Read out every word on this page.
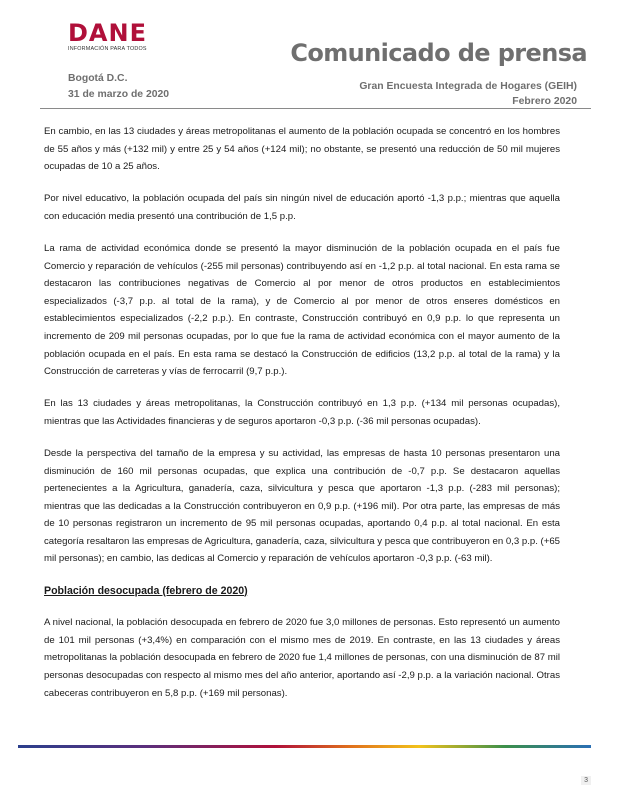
DANE
INFORMACIÓN PARA TODOS	Comunicado de prensa
Bogotá D.C.
31 de marzo de 2020
Gran Encuesta Integrada de Hogares (GEIH)
Febrero 2020

En cambio, en las 13 ciudades y áreas metropolitanas el aumento de la población ocupada se concentró en los hombres de 55 años y más (+132 mil) y entre 25 y 54 años (+124 mil); no obstante, se presentó una reducción de 50 mil mujeres ocupadas de 10 a 25 años.

Por nivel educativo, la población ocupada del país sin ningún nivel de educación aportó -1,3 p.p.; mientras que aquella con educación media presentó una contribución de 1,5 p.p.

La rama de actividad económica donde se presentó la mayor disminución de la población ocupada en el país fue Comercio y reparación de vehículos (-255 mil personas) contribuyendo así en -1,2 p.p. al total nacional. En esta rama se destacaron las contribuciones negativas de Comercio al por menor de otros productos en establecimientos especializados (-3,7 p.p. al total de la rama), y de Comercio al por menor de otros enseres domésticos en establecimientos especializados (-2,2 p.p.). En contraste, Construcción contribuyó en 0,9 p.p. lo que representa un incremento de 209 mil personas ocupadas, por lo que fue la rama de actividad económica con el mayor aumento de la población ocupada en el país. En esta rama se destacó la Construcción de edificios (13,2 p.p. al total de la rama) y la Construcción de carreteras y vías de ferrocarril (9,7 p.p.).

En las 13 ciudades y áreas metropolitanas, la Construcción contribuyó en 1,3 p.p. (+134 mil personas ocupadas), mientras que las Actividades financieras y de seguros aportaron -0,3 p.p. (-36 mil personas ocupadas).

Desde la perspectiva del tamaño de la empresa y su actividad, las empresas de hasta 10 personas presentaron una disminución de 160 mil personas ocupadas, que explica una contribución de -0,7 p.p. Se destacaron aquellas pertenecientes a la Agricultura, ganadería, caza, silvicultura y pesca que aportaron -1,3 p.p. (-283 mil personas); mientras que las dedicadas a la Construcción contribuyeron en 0,9 p.p. (+196 mil). Por otra parte, las empresas de más de 10 personas registraron un incremento de 95 mil personas ocupadas, aportando 0,4 p.p. al total nacional. En esta categoría resaltaron las empresas de Agricultura, ganadería, caza, silvicultura y pesca que contribuyeron en 0,3 p.p. (+65 mil personas); en cambio, las dedicas al Comercio y reparación de vehículos aportaron -0,3 p.p. (-63 mil).

Población desocupada (febrero de 2020)

A nivel nacional, la población desocupada en febrero de 2020 fue 3,0 millones de personas. Esto representó un aumento de 101 mil personas (+3,4%) en comparación con el mismo mes de 2019. En contraste, en las 13 ciudades y áreas metropolitanas la población desocupada en febrero de 2020 fue 1,4 millones de personas, con una disminución de 87 mil personas desocupadas con respecto al mismo mes del año anterior, aportando así -2,9 p.p. a la variación nacional. Otras cabeceras contribuyeron en 5,8 p.p. (+169 mil personas).

3
